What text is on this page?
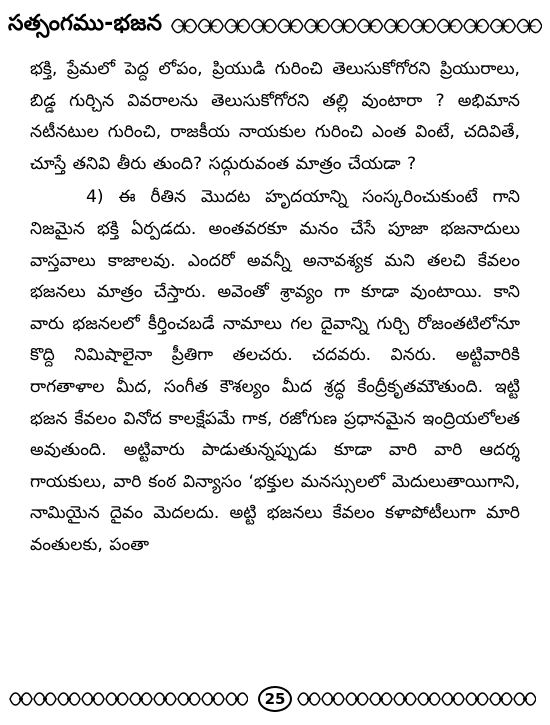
సత్సంగము-భజన

భక్తి, ప్రేమలో పెద్ద లోపం, ప్రియుడి గురించి తెలుసుకోగోరని ప్రియురాలు, బిడ్డ గుర్చిన వివరాలను తెలుసుకోగోరని తల్లి వుంటారా ? అభిమాన నటీనటుల గురించి, రాజకీయ నాయకుల గురించి ఎంత వింటే, చదివితే, చూస్తే తనివి తీరు తుంది? సద్గురువంత మాత్రం చేయడా ?

4) ఈ రీతిన మొదట హృదయాన్ని సంస్కరించుకుంటే గాని నిజమైన భక్తి ఏర్పడదు. అంతవరకూ మనం చేసే పూజా భజనాదులు వాస్తవాలు కాజాలవు. ఎందరో అవన్నీ అనావశ్యక మని తలచి కేవలం భజనలు మాత్రం చేస్తారు. అవెంతో శ్రావ్యం గా కూడా వుంటాయి. కాని వారు భజనలలో కీర్తించబడే నామాలు గల దైవాన్ని గుర్చి రోజంతటిలోనూ కొద్ది నిమిషాలైనా ప్రీతిగా తలచరు. చదవరు. వినరు. అట్టివారికి రాగతాళాల మీద, సంగీత కౌశల్యం మీద శ్రద్ధ కేంద్రీకృతమౌతుంది. ఇట్టి భజన కేవలం వినోద కాలక్షేపమే గాక, రజోగుణ ప్రధానమైన ఇంద్రియలోలత అవుతుంది. అట్టివారు పాడుతున్నప్పుడు కూడా వారి వారి ఆదర్శ గాయకులు, వారి కంఠ విన్యాసం ‘భక్తుల మనస్సులలో మెదులుతాయిగాని, నామియైన దైవం మెదలదు. అట్టి భజనలు కేవలం కళాపోటీలుగా మారి వంతులకు, పంతా

25
